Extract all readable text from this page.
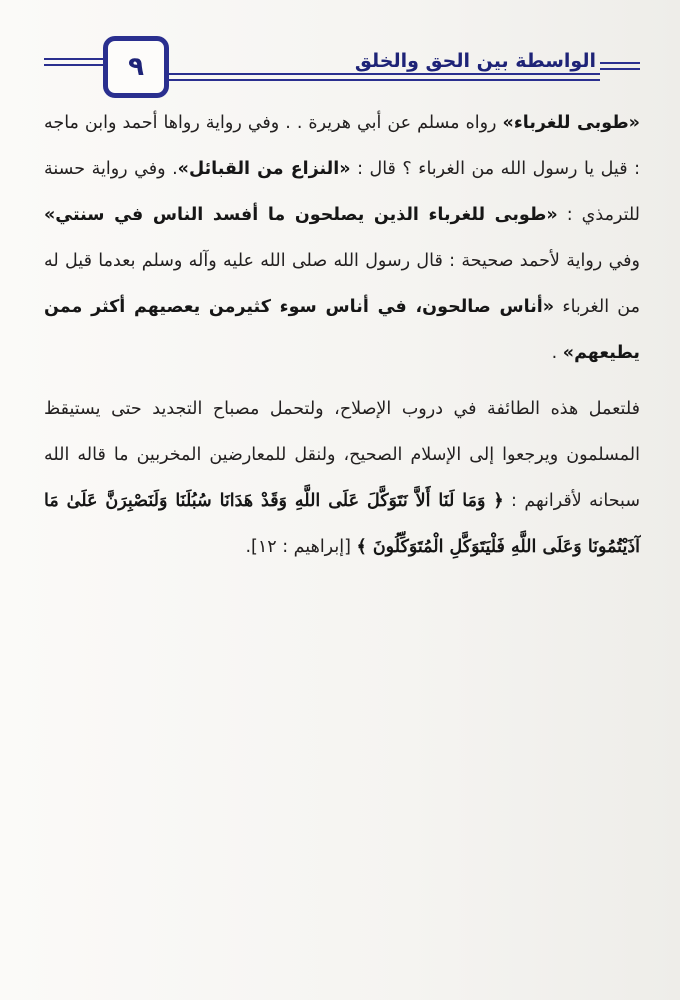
٩	الواسطة بين الحق والخلق

«طوبى للغرباء» رواه مسلم عن أبي هريرة . . وفي رواية رواها أحمد وابن ماجه : قيل يا رسول الله من الغرباء ؟ قال : «النزاع من القبائل». وفي رواية حسنة للترمذي : «طوبى للغرباء الذين يصلحون ما أفسد الناس في سنتي» وفي رواية لأحمد صحيحة : قال رسول الله صلى الله عليه وآله وسلم بعدما قيل له من الغرباء «أناس صالحون، في أناس سوء كثيرمن يعصيهم أكثر ممن يطيعهم» .

فلتعمل هذه الطائفة في دروب الإصلاح، ولتحمل مصباح التجديد حتى يستيقظ المسلمون ويرجعوا إلى الإسلام الصحيح، ولنقل للمعارضين المخربين ما قاله الله سبحانه لأقرانهم : ﴿ وَمَا لَنَا أَلاَّ نَتَوَكَّلَ عَلَى اللَّهِ وَقَدْ هَدَانَا سُبُلَنَا وَلَنَصْبِرَنَّ عَلَىٰ مَا آذَيْتُمُونَا وَعَلَى اللَّهِ فَلْيَتَوَكَّلِ الْمُتَوَكِّلُونَ ﴾ [إبراهيم : ١٢].
